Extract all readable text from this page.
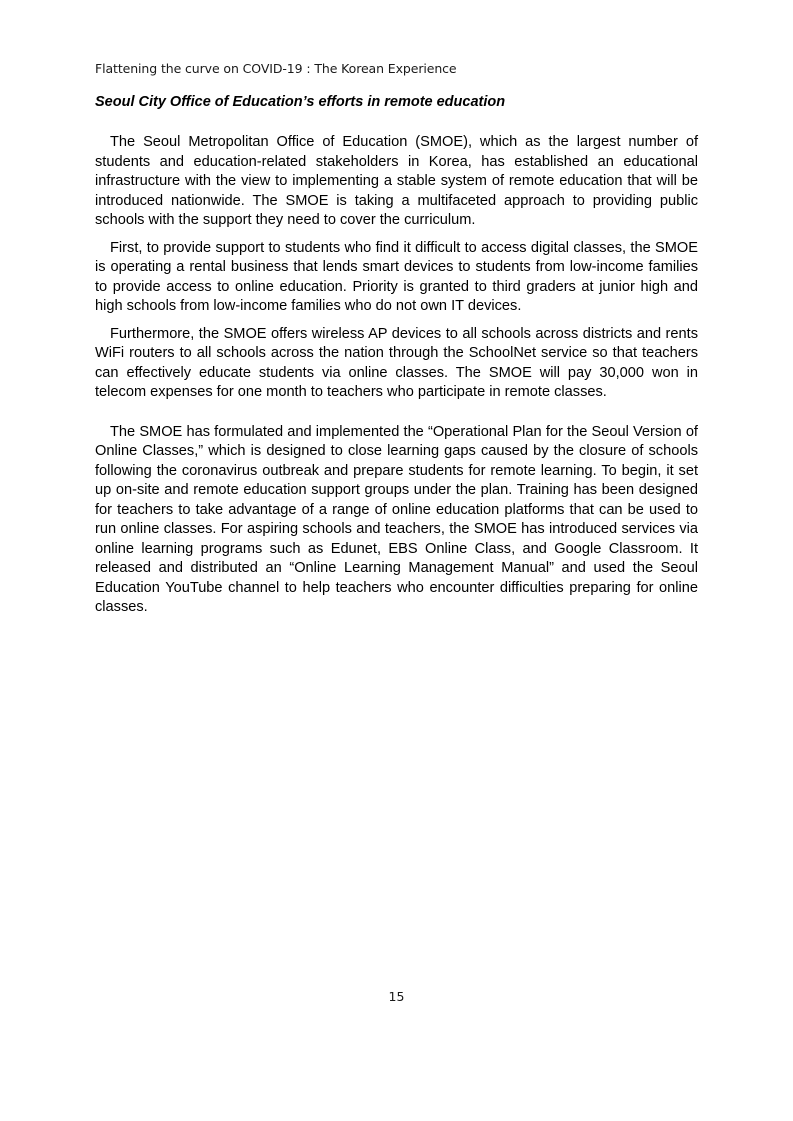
Flattening the curve on COVID-19 : The Korean Experience
Seoul City Office of Education’s efforts in remote education

The Seoul Metropolitan Office of Education (SMOE), which as the largest number of students and education-related stakeholders in Korea, has established an educational infrastructure with the view to implementing a stable system of remote education that will be introduced nationwide. The SMOE is taking a multifaceted approach to providing public schools with the support they need to cover the curriculum.

First, to provide support to students who find it difficult to access digital classes, the SMOE is operating a rental business that lends smart devices to students from low-income families to provide access to online education. Priority is granted to third graders at junior high and high schools from low-income families who do not own IT devices.

Furthermore, the SMOE offers wireless AP devices to all schools across districts and rents WiFi routers to all schools across the nation through the SchoolNet service so that teachers can effectively educate students via online classes. The SMOE will pay 30,000 won in telecom expenses for one month to teachers who participate in remote classes.

The SMOE has formulated and implemented the “Operational Plan for the Seoul Version of Online Classes,” which is designed to close learning gaps caused by the closure of schools following the coronavirus outbreak and prepare students for remote learning. To begin, it set up on-site and remote education support groups under the plan. Training has been designed for teachers to take advantage of a range of online education platforms that can be used to run online classes. For aspiring schools and teachers, the SMOE has introduced services via online learning programs such as Edunet, EBS Online Class, and Google Classroom. It released and distributed an “Online Learning Management Manual” and used the Seoul Education YouTube channel to help teachers who encounter difficulties preparing for online classes.

15
